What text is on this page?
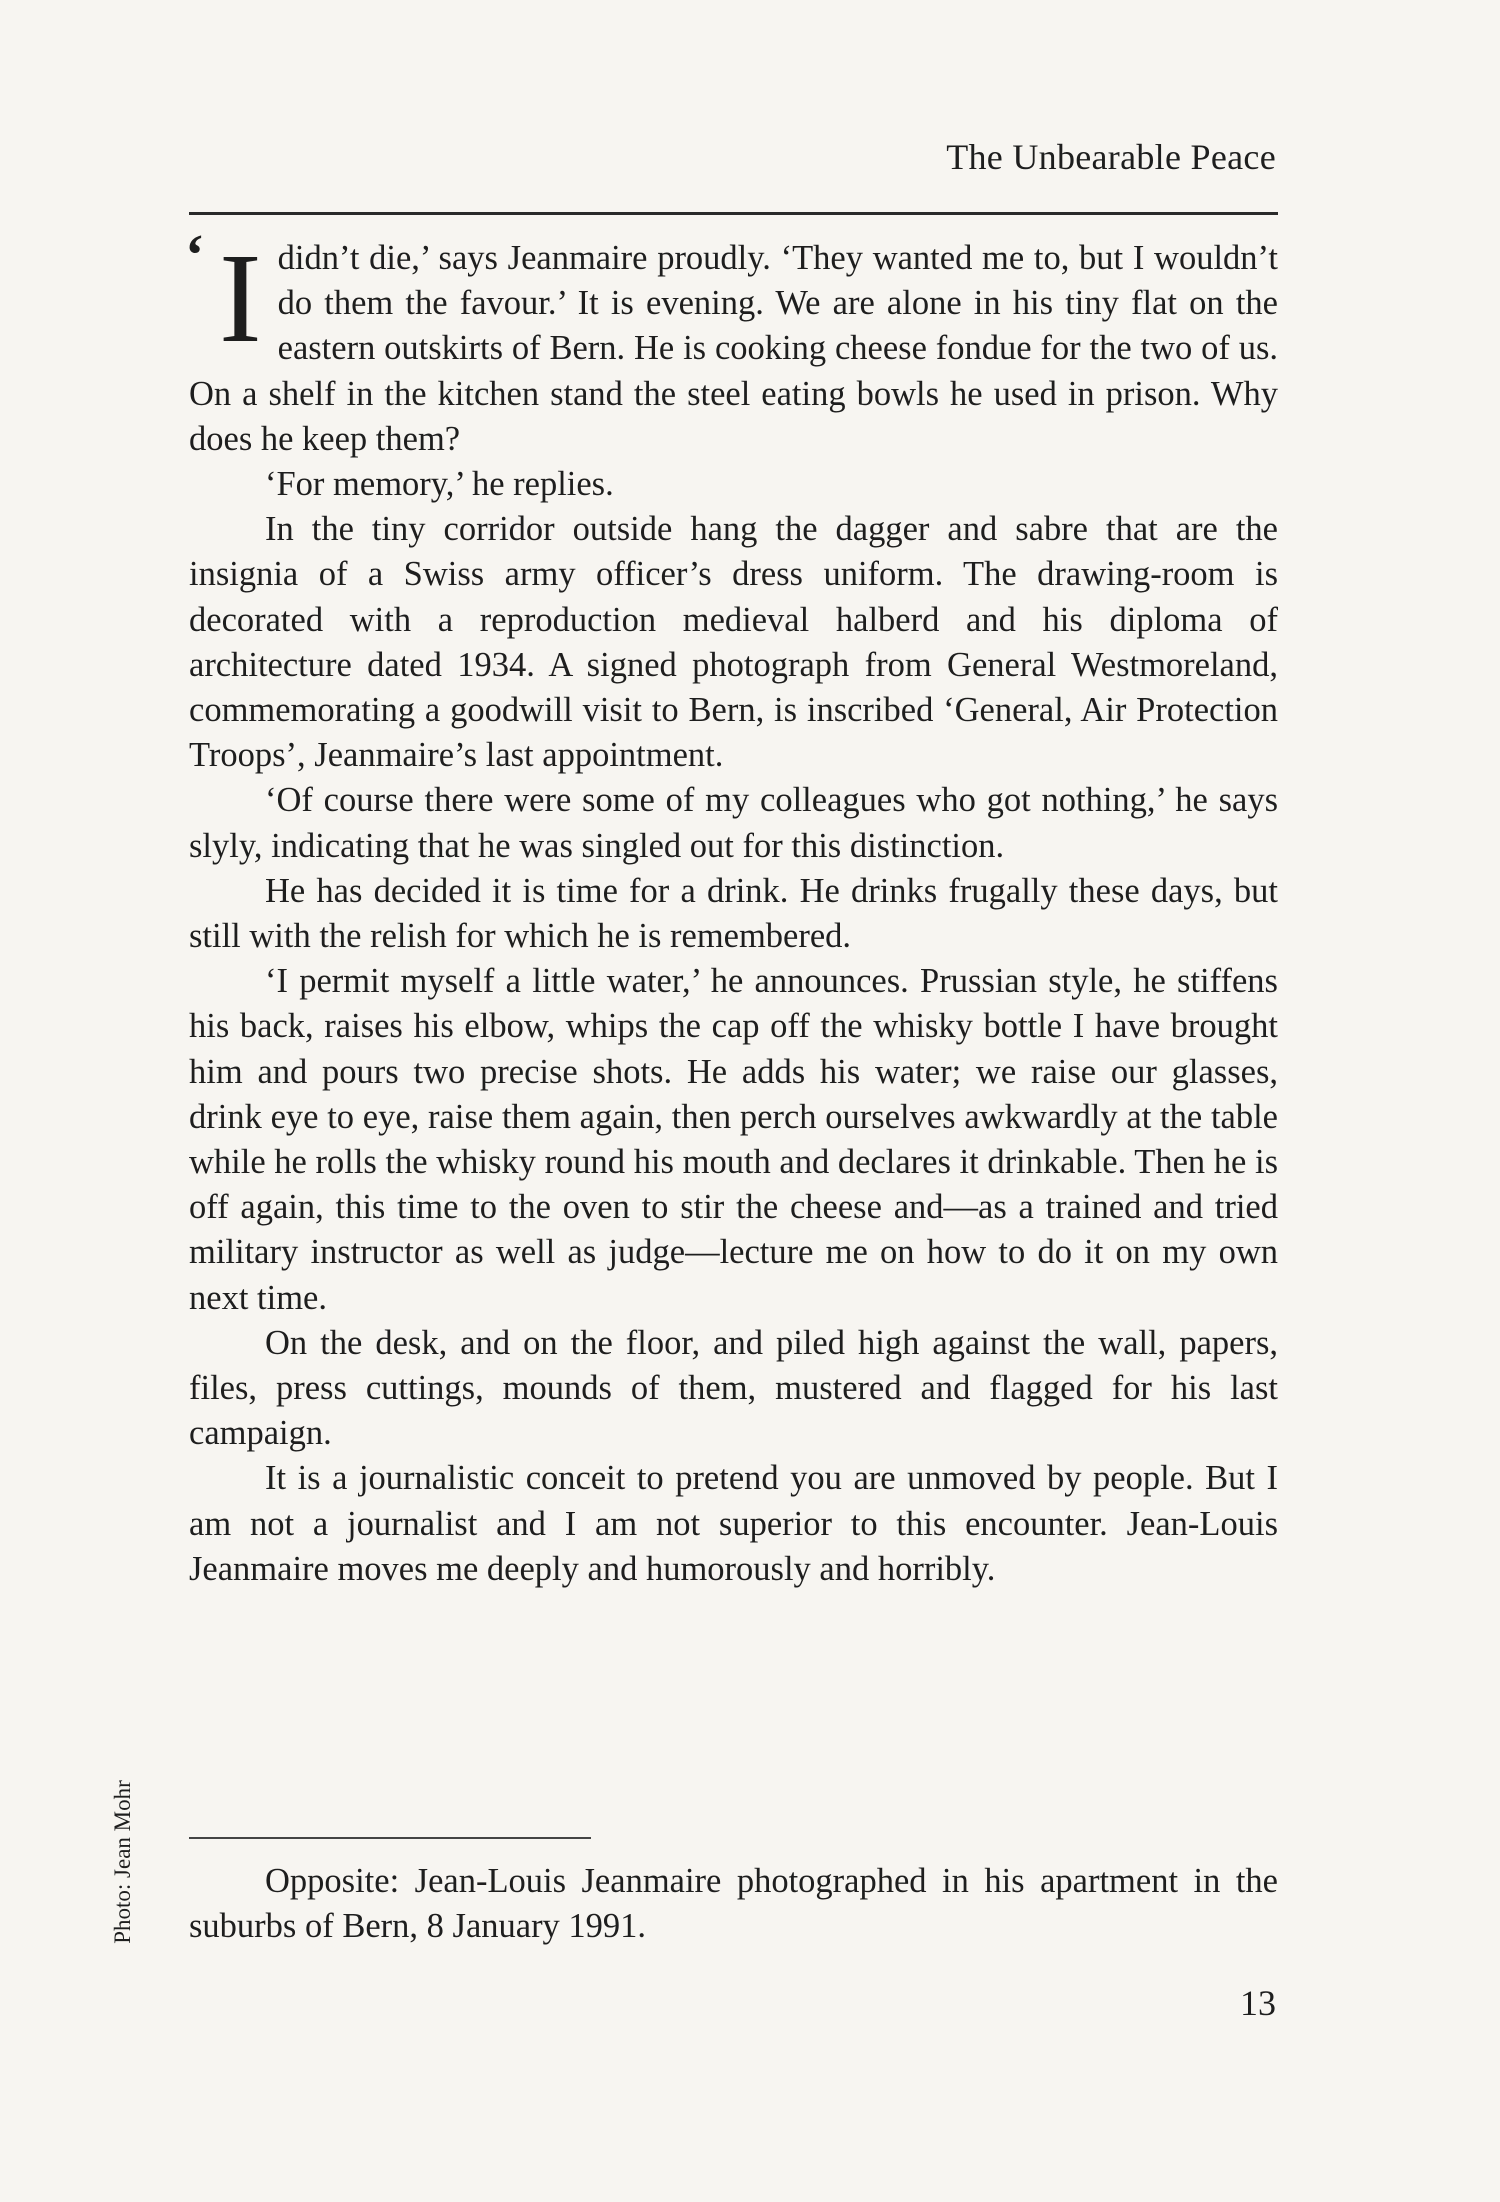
The Unbearable Peace
‘ I didn’t die,’ says Jeanmaire proudly. ‘They wanted me to, but I wouldn’t do them the favour.’ It is evening. We are alone in his tiny flat on the eastern outskirts of Bern. He is cooking cheese fondue for the two of us. On a shelf in the kitchen stand the steel eating bowls he used in prison. Why does he keep them?

‘For memory,’ he replies.

In the tiny corridor outside hang the dagger and sabre that are the insignia of a Swiss army officer’s dress uniform. The drawing-room is decorated with a reproduction medieval halberd and his diploma of architecture dated 1934. A signed photograph from General Westmoreland, commemorating a goodwill visit to Bern, is inscribed ‘General, Air Protection Troops’, Jeanmaire’s last appointment.

‘Of course there were some of my colleagues who got nothing,’ he says slyly, indicating that he was singled out for this distinction.

He has decided it is time for a drink. He drinks frugally these days, but still with the relish for which he is remembered.

‘I permit myself a little water,’ he announces. Prussian style, he stiffens his back, raises his elbow, whips the cap off the whisky bottle I have brought him and pours two precise shots. He adds his water; we raise our glasses, drink eye to eye, raise them again, then perch ourselves awkwardly at the table while he rolls the whisky round his mouth and declares it drinkable. Then he is off again, this time to the oven to stir the cheese and—as a trained and tried military instructor as well as judge—lecture me on how to do it on my own next time.

On the desk, and on the floor, and piled high against the wall, papers, files, press cuttings, mounds of them, mustered and flagged for his last campaign.

It is a journalistic conceit to pretend you are unmoved by people. But I am not a journalist and I am not superior to this encounter. Jean-Louis Jeanmaire moves me deeply and humorously and horribly.

Opposite: Jean-Louis Jeanmaire photographed in his apartment in the suburbs of Bern, 8 January 1991.
Photo: Jean Mohr
13
